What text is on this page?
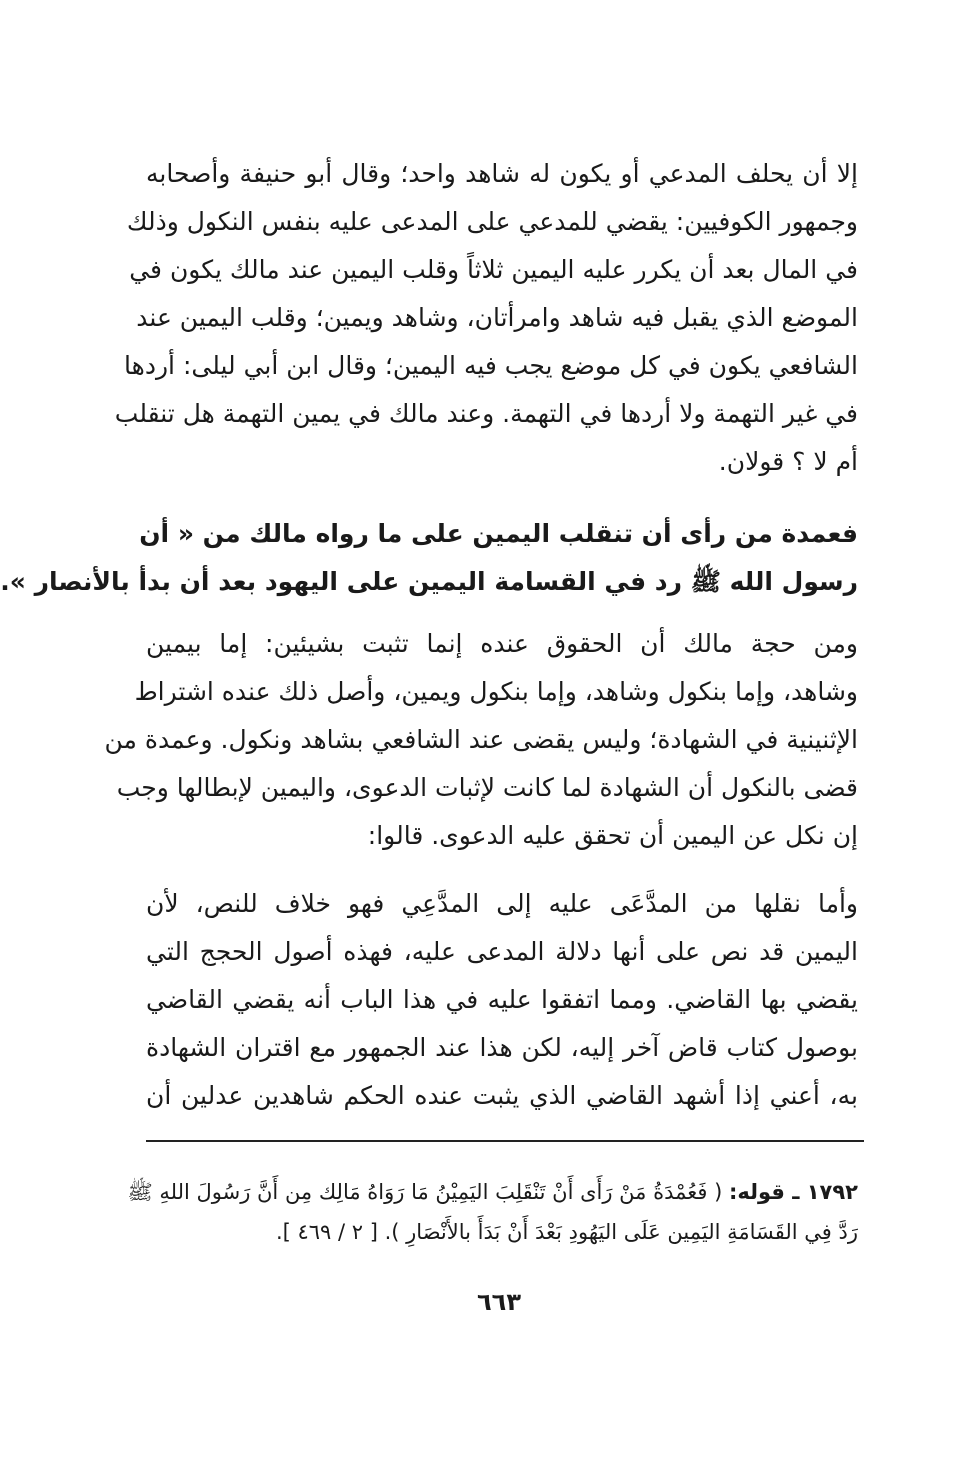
إلا أن يحلف المدعي أو يكون له شاهد واحد؛ وقال أبو حنيفة وأصحابه
وجمهور الكوفيين: يقضي للمدعي على المدعى عليه بنفس النكول وذلك
في المال بعد أن يكرر عليه اليمين ثلاثاً وقلب اليمين عند مالك يكون في
الموضع الذي يقبل فيه شاهد وامرأتان، وشاهد ويمين؛ وقلب اليمين عند
الشافعي يكون في كل موضع يجب فيه اليمين؛ وقال ابن أبي ليلى: أردها
في غير التهمة ولا أردها في التهمة. وعند مالك في يمين التهمة هل تنقلب
أم لا ؟ قولان.
فعمدة من رأى أن تنقلب اليمين على ما رواه مالك من « أن
رسول الله ﷺ رد في القسامة اليمين على اليهود بعد أن بدأ بالأنصار ».
ومن حجة مالك أن الحقوق عنده إنما تثبت بشيئين: إما بيمين
وشاهد، وإما بنكول وشاهد، وإما بنكول ويمين، وأصل ذلك عنده اشتراط
الإثنينية في الشهادة؛ وليس يقضى عند الشافعي بشاهد ونكول. وعمدة من
قضى بالنكول أن الشهادة لما كانت لإثبات الدعوى، واليمين لإبطالها وجب
إن نكل عن اليمين أن تحقق عليه الدعوى. قالوا:
وأما نقلها من المدَّعَى عليه إلى المدَّعِي فهو خلاف للنص، لأن
اليمين قد نص على أنها دلالة المدعى عليه، فهذه أصول الحجج التي
يقضي بها القاضي. ومما اتفقوا عليه في هذا الباب أنه يقضي القاضي
بوصول كتاب قاض آخر إليه، لكن هذا عند الجمهور مع اقتران الشهادة
به، أعني إذا أشهد القاضي الذي يثبت عنده الحكم شاهدين عدلين أن
١٧٩٢ ـ قوله: ( فَعُمْدَةُ مَنْ رَأَى أَنْ تَنْقَلِبَ اليَمِيْنُ مَا رَوَاهُ مَالِك مِن أَنَّ رَسُولَ اللهِ ﷺ
رَدَّ فِي القَسَامَةِ اليَمِين عَلَى اليَهُودِ بَعْدَ أَنْ بَدَأَ بالأَنْصَارِ ). [ ٢ / ٤٦٩ ].
٦٦٣
